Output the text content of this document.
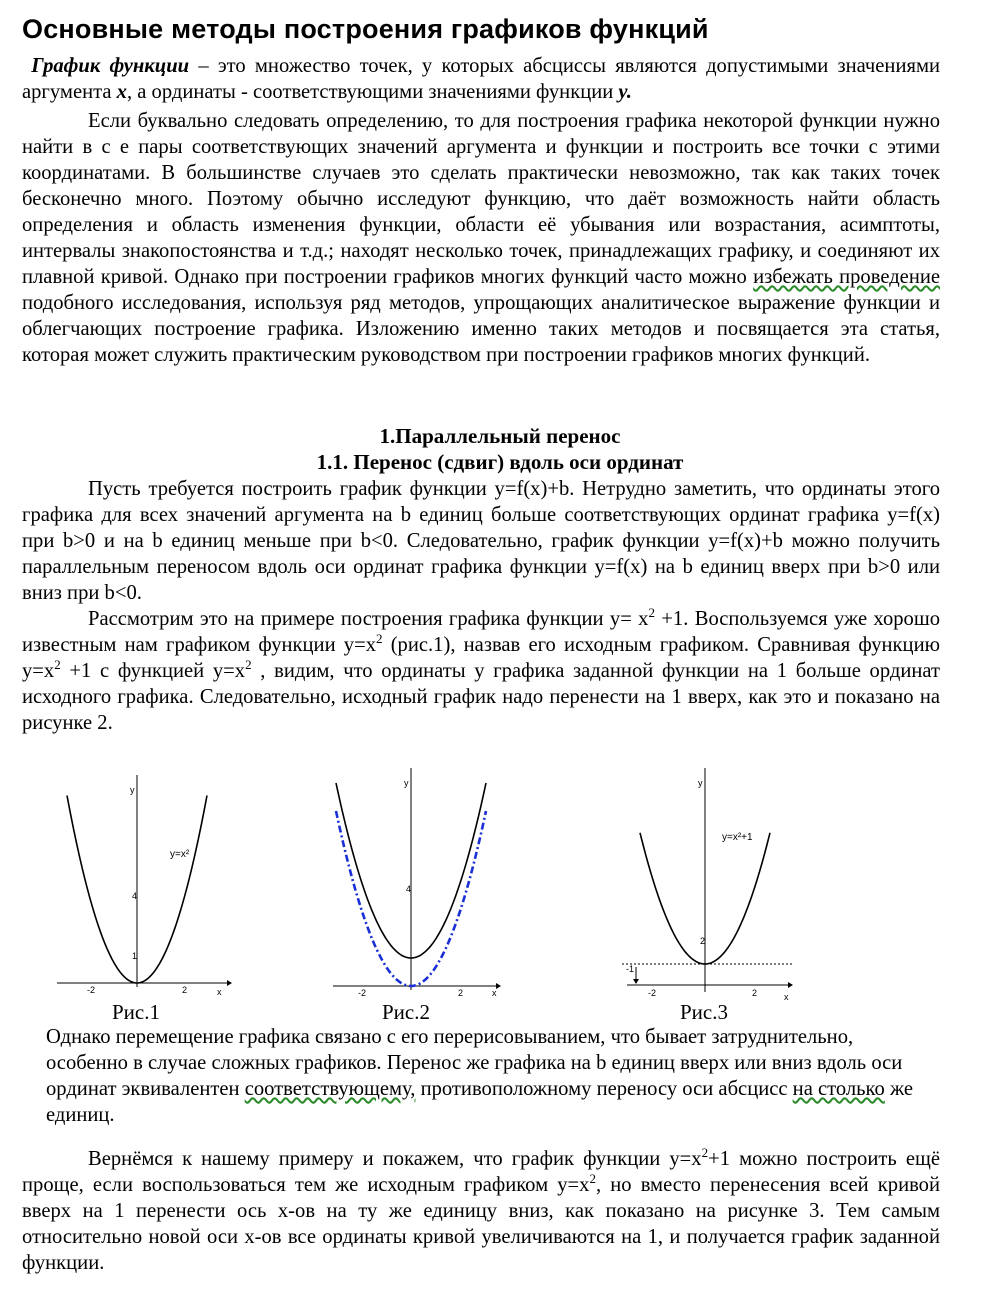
Основные методы построения графиков функций

График функции – это множество точек, у которых абсциссы являются допустимыми значениями аргумента x, а ординаты - соответствующими значениями функции y.

Если буквально следовать определению, то для построения графика некоторой функции нужно найти в с е пары соответствующих значений аргумента и функции и построить все точки с этими координатами. В большинстве случаев это сделать практически невозможно, так как таких точек бесконечно много. Поэтому обычно исследуют функцию, что даёт возможность найти область определения и область изменения функции, области её убывания или возрастания, асимптоты, интервалы знакопостоянства и т.д.; находят несколько точек, принадлежащих графику, и соединяют их плавной кривой. Однако при построении графиков многих функций часто можно избежать проведение подобного исследования, используя ряд методов, упрощающих аналитическое выражение функции и облегчающих построение графика. Изложению именно таких методов и посвящается эта статья, которая может служить практическим руководством при построении графиков многих функций.

1.Параллельный перенос
1.1. Перенос (сдвиг) вдоль оси ординат

Пусть требуется построить график функции y=f(x)+b. Нетрудно заметить, что ординаты этого графика для всех значений аргумента на b единиц больше соответствующих ординат графика y=f(x) при b>0 и на b единиц меньше при b<0. Следовательно, график функции y=f(x)+b можно получить параллельным переносом вдоль оси ординат графика функции y=f(x) на b единиц вверх при b>0 или вниз при b<0.

Рассмотрим это на примере построения графика функции $y= x^2 +1$. Воспользуемся уже хорошо известным нам графиком функции $y=x^2$ (рис.1), назвав его исходным графиком. Сравнивая функцию $y=x^2 +1$ с функцией $y=x^2$ , видим, что ординаты у графика заданной функции на 1 больше ординат исходного графика. Следовательно, исходный график надо перенести на 1 вверх, как это и показано на рисунке 2.

y
x
-2	2
4
1
y=x²
y
x
-2	2
4
y
x
-2	2
2
-1
y=x²+1
Рис.1	Рис.2	Рис.3

Однако перемещение графика связано с его перерисовыванием, что бывает затруднительно, особенно в случае сложных графиков. Перенос же графика на b единиц вверх или вниз вдоль оси ординат эквивалентен соответствующему, противоположному переносу оси абсцисс на столько же единиц.

Вернёмся к нашему примеру и покажем, что график функции $y=x^2+1$ можно построить ещё проще, если воспользоваться тем же исходным графиком $y=x^2$, но вместо перенесения всей кривой вверх на 1 перенести ось x-ов на ту же единицу вниз, как показано на рисунке 3. Тем самым относительно новой оси x-ов все ординаты кривой увеличиваются на 1, и получается график заданной функции.
